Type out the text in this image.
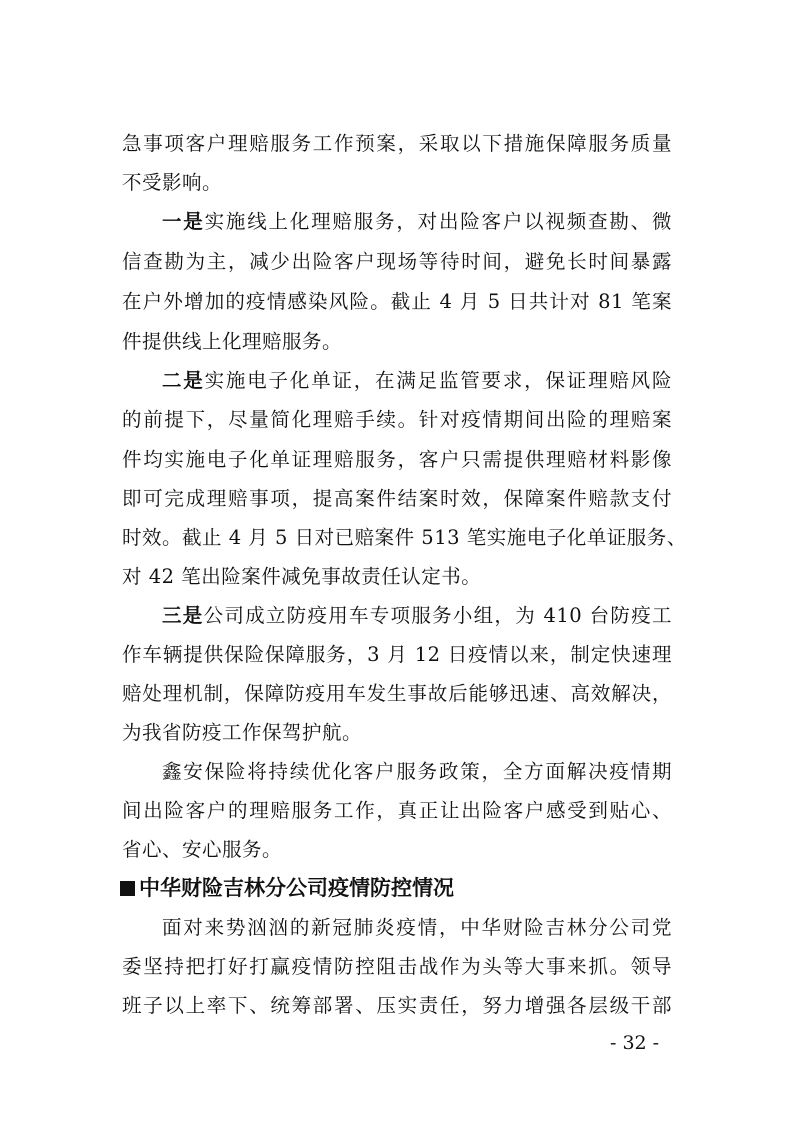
急事项客户理赔服务工作预案，采取以下措施保障服务质量
不受影响。
一是实施线上化理赔服务，对出险客户以视频查勘、微
信查勘为主，减少出险客户现场等待时间，避免长时间暴露
在户外增加的疫情感染风险。截止 4 月 5 日共计对 81 笔案
件提供线上化理赔服务。
二是实施电子化单证，在满足监管要求，保证理赔风险
的前提下，尽量简化理赔手续。针对疫情期间出险的理赔案
件均实施电子化单证理赔服务，客户只需提供理赔材料影像
即可完成理赔事项，提高案件结案时效，保障案件赔款支付
时效。截止 4 月 5 日对已赔案件 513 笔实施电子化单证服务、
对 42 笔出险案件减免事故责任认定书。
三是公司成立防疫用车专项服务小组，为 410 台防疫工
作车辆提供保险保障服务，3 月 12 日疫情以来，制定快速理
赔处理机制，保障防疫用车发生事故后能够迅速、高效解决，
为我省防疫工作保驾护航。
鑫安保险将持续优化客户服务政策，全方面解决疫情期
间出险客户的理赔服务工作，真正让出险客户感受到贴心、
省心、安心服务。
中华财险吉林分公司疫情防控情况
面对来势汹汹的新冠肺炎疫情，中华财险吉林分公司党
委坚持把打好打赢疫情防控阻击战作为头等大事来抓。领导
班子以上率下、统筹部署、压实责任，努力增强各层级干部
- 32 -
